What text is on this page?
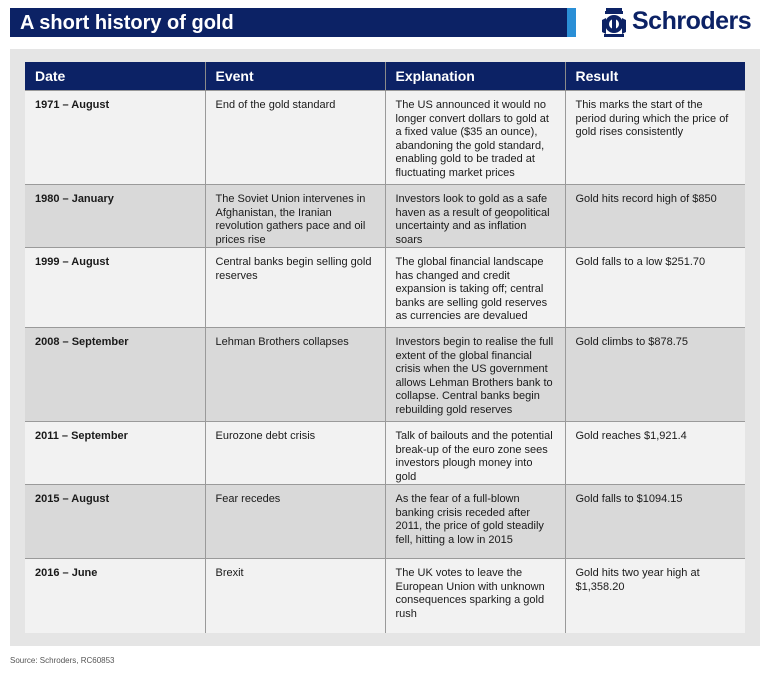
A short history of gold	Schroders
Date	Event	Explanation	Result
1971 – August	End of the gold standard	The US announced it would no longer convert dollars to gold at a fixed value ($35 an ounce), abandoning the gold standard, enabling gold to be traded at fluctuating market prices	This marks the start of the period during which the price of gold rises consistently
1980 – January	The Soviet Union intervenes in Afghanistan, the Iranian revolution gathers pace and oil prices rise	Investors look to gold as a safe haven as a result of geopolitical uncertainty and as inflation soars	Gold hits record high of $850
1999 – August	Central banks begin selling gold reserves	The global financial landscape has changed and credit expansion is taking off; central banks are selling gold reserves as currencies are devalued	Gold falls to a low $251.70
2008 – September	Lehman Brothers collapses	Investors begin to realise the full extent of the global financial crisis when the US government allows Lehman Brothers bank to collapse. Central banks begin rebuilding gold reserves	Gold climbs to $878.75
2011 – September	Eurozone debt crisis	Talk of bailouts and the potential break-up of the euro zone sees investors plough money into gold	Gold reaches $1,921.4
2015 – August	Fear recedes	As the fear of a full-blown banking crisis receded after 2011, the price of gold steadily fell, hitting a low in 2015	Gold falls to $1094.15
2016 – June	Brexit	The UK votes to leave the European Union with unknown consequences sparking a gold rush	Gold hits two year high at $1,358.20
Source: Schroders, RC60853
